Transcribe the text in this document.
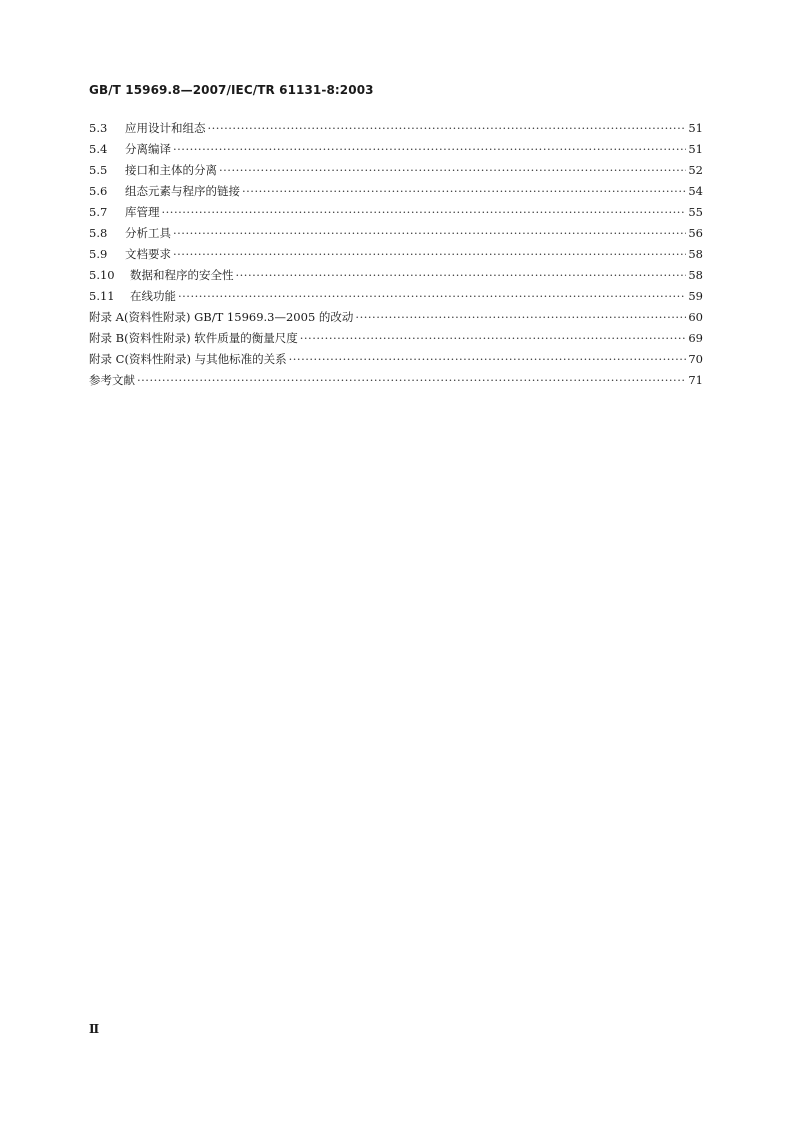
GB/T 15969.8—2007/IEC/TR 61131-8:2003
5.3	应用设计和组态 ·····	51
5.4	分离编译 ·····	51
5.5	接口和主体的分离 ·····	52
5.6	组态元素与程序的链接 ·····	54
5.7	库管理 ·····	55
5.8	分析工具 ·····	56
5.9	文档要求 ·····	58
5.10	数据和程序的安全性 ·····	58
5.11	在线功能 ·····	59
附录 A (资料性附录) GB/T 15969.3—2005 的改动 ·····	60
附录 B (资料性附录) 软件质量的衡量尺度 ·····	69
附录 C (资料性附录) 与其他标准的关系 ·····	70
参考文献 ·····	71
Ⅱ
